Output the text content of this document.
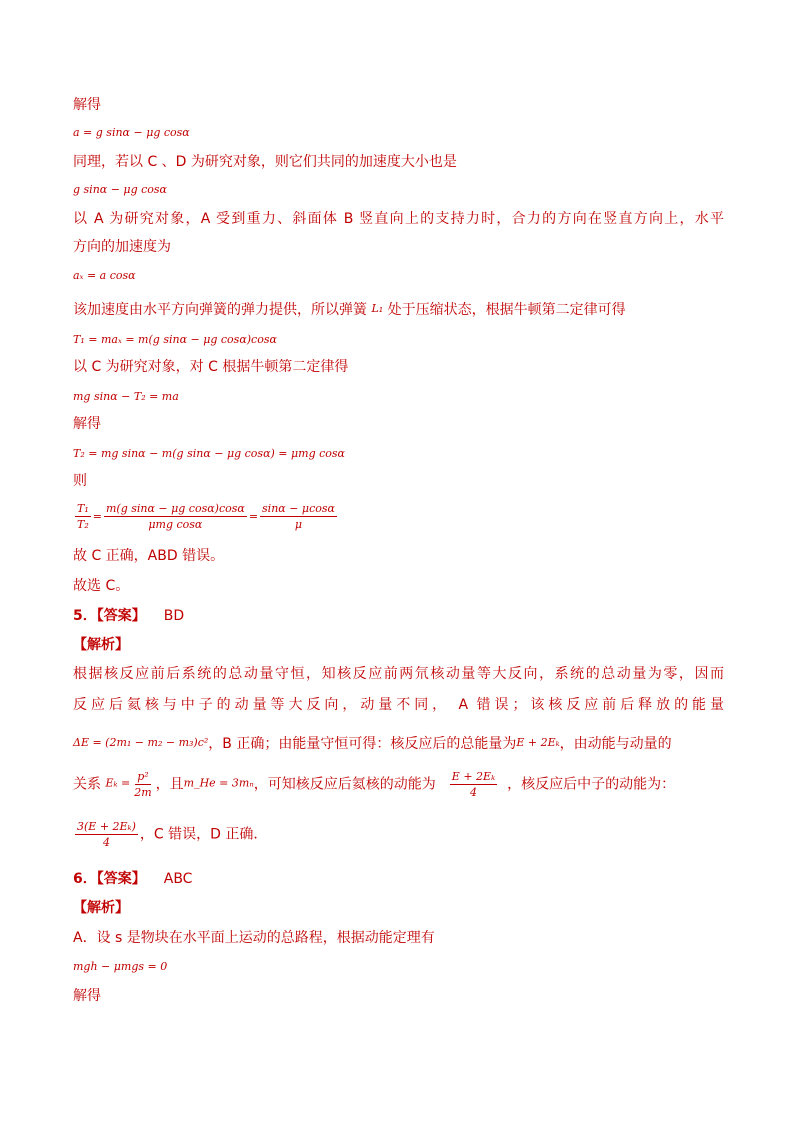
解得
a = g sinα − μg cosα
同理，若以 C 、D 为研究对象，则它们共同的加速度大小也是
g sinα − μg cosα
以 A 为研究对象，A 受到重力、斜面体 B 竖直向上的支持力时，合力的方向在竖直方向上，水平
方向的加速度为
aₓ = a cosα
该加速度由水平方向弹簧的弹力提供，所以弹簧 L₁ 处于压缩状态，根据牛顿第二定律可得
T₁ = maₓ = m(g sinα − μg cosα)cosα
以 C 为研究对象，对 C 根据牛顿第二定律得
mg sinα − T₂ = ma
解得
T₂ = mg sinα − m(g sinα − μg cosα) = μmg cosα
则
$\frac{\text{T₁}}{\text{T₂}} = \frac{\text{m(g sinα − μg cosα)cosα}}{\text{μmg cosα}} = \frac{\sin\alpha - \mu\cos\alpha}{\mu}$
故 C 正确，ABD 错误。
故选 C。
5．【答案】 BD
【解析】
根据核反应前后系统的总动量守恒，知核反应前两氘核动量等大反向，系统的总动量为零，因而
反应后氦核与中子的动量等大反向，动量不同， A 错误；该核反应前后释放的能量
ΔE = (2m₁ − m₂ − m₃)c²，B 正确；由能量守恒可得：核反应后的总能量为E + 2Eₖ，由动能与动量的
关系 $E_k = \frac{\text{p²}}{2m}$ ，且m_He = 3mₙ，可知核反应后氦核的动能为 $\frac{\text{E + 2Eₖ}}{4}$ ，核反应后中子的动能为：
$\frac{\text{3(E + 2Eₖ)}}{4}$ ，C 错误，D 正确．
6．【答案】 ABC
【解析】
A．设 s 是物块在水平面上运动的总路程，根据动能定理有
mgh − μmgs = 0
解得
